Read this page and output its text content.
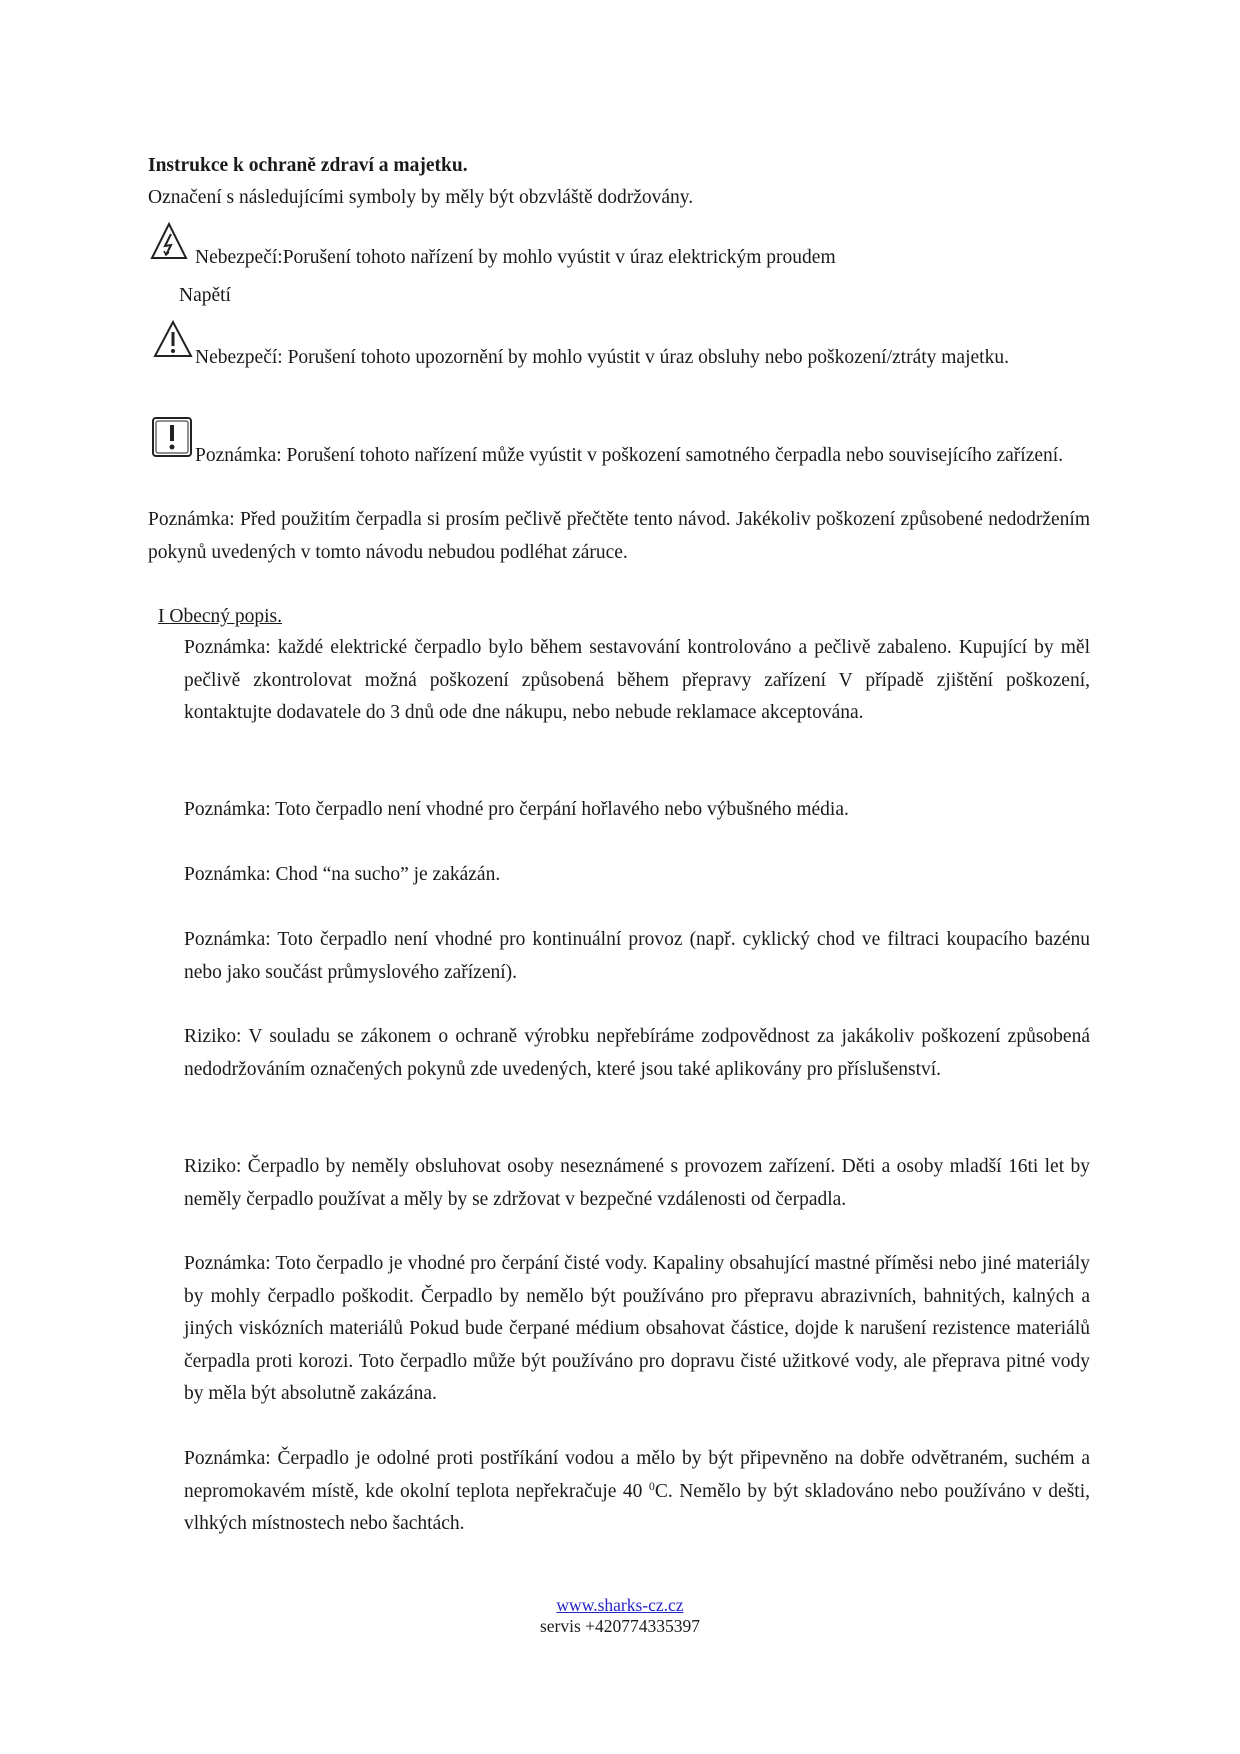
Instrukce k ochraně zdraví a majetku.
Označení s následujícími symboly by měly být obzvláště dodržovány.
Nebezpečí:Porušení tohoto nařízení by mohlo vyústit v úraz elektrickým proudem
Napětí
Nebezpečí: Porušení tohoto upozornění by mohlo vyústit v úraz obsluhy nebo poškození/ztráty majetku.
Poznámka: Porušení tohoto nařízení může vyústit v poškození samotného čerpadla nebo souvisejícího zařízení.
Poznámka: Před použitím čerpadla si prosím pečlivě přečtěte tento návod. Jakékoliv poškození způsobené nedodržením pokynů uvedených v tomto návodu nebudou podléhat záruce.
I Obecný popis.
Poznámka: každé elektrické čerpadlo bylo během sestavování kontrolováno a pečlivě zabaleno. Kupující by měl pečlivě zkontrolovat možná poškození způsobená během přepravy zařízení V případě zjištění poškození, kontaktujte dodavatele do 3 dnů ode dne nákupu, nebo nebude reklamace akceptována.
Poznámka: Toto čerpadlo není vhodné pro čerpání hořlavého nebo výbušného média.
Poznámka: Chod “na sucho” je zakázán.
Poznámka: Toto čerpadlo není vhodné pro kontinuální provoz (např. cyklický chod ve filtraci koupacího bazénu nebo jako součást průmyslového zařízení).
Riziko: V souladu se zákonem o ochraně výrobku nepřebíráme zodpovědnost za jakákoliv poškození způsobená nedodržováním označených pokynů zde uvedených, které jsou také aplikovány pro příslušenství.
Riziko: Čerpadlo by neměly obsluhovat osoby neseznámené s provozem zařízení. Děti a osoby mladší 16ti let by neměly čerpadlo používat a měly by se zdržovat v bezpečné vzdálenosti od čerpadla.
Poznámka: Toto čerpadlo je vhodné pro čerpání čisté vody. Kapaliny obsahující mastné příměsi nebo jiné materiály by mohly čerpadlo poškodit. Čerpadlo by nemělo být používáno pro přepravu abrazivních, bahnitých, kalných a jiných viskózních materiálů Pokud bude čerpané médium obsahovat částice, dojde k narušení rezistence materiálů čerpadla proti korozi. Toto čerpadlo může být používáno pro dopravu čisté užitkové vody, ale přeprava pitné vody by měla být absolutně zakázána.
Poznámka: Čerpadlo je odolné proti postříkání vodou a mělo by být připevněno na dobře odvětraném, suchém a nepromokavém místě, kde okolní teplota nepřekračuje 40 $^0$C. Nemělo by být skladováno nebo používáno v dešti, vlhkých místnostech nebo šachtách.
www.sharks-cz.cz
servis +420774335397
